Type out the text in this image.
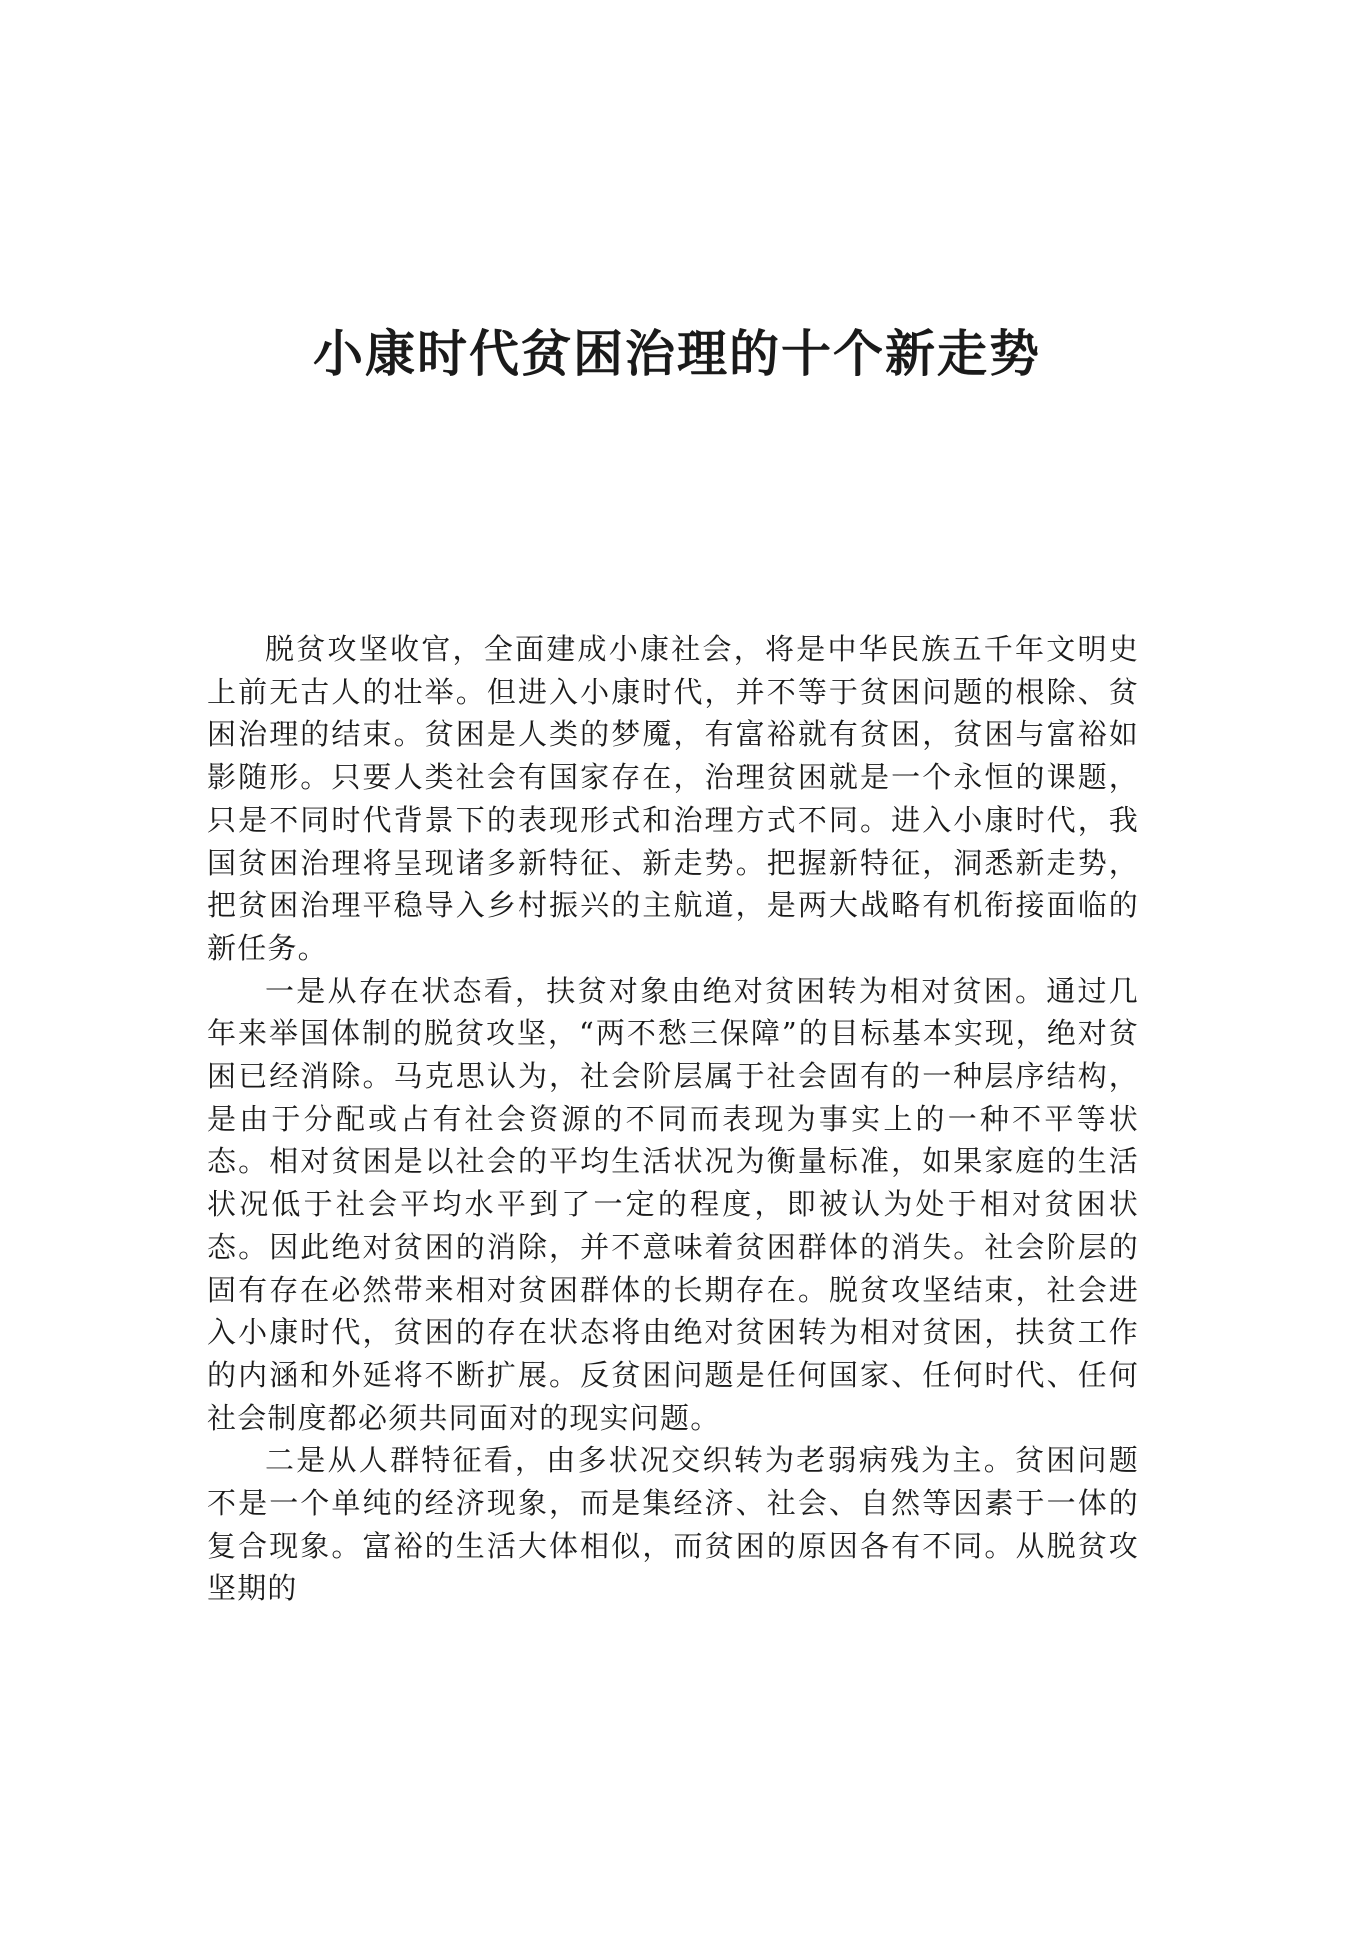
小康时代贫困治理的十个新走势

脱贫攻坚收官，全面建成小康社会，将是中华民族五千年文明史上前无古人的壮举。但进入小康时代，并不等于贫困问题的根除、贫困治理的结束。贫困是人类的梦魇，有富裕就有贫困，贫困与富裕如影随形。只要人类社会有国家存在，治理贫困就是一个永恒的课题，只是不同时代背景下的表现形式和治理方式不同。进入小康时代，我国贫困治理将呈现诸多新特征、新走势。把握新特征，洞悉新走势，把贫困治理平稳导入乡村振兴的主航道，是两大战略有机衔接面临的新任务。

一是从存在状态看，扶贫对象由绝对贫困转为相对贫困。通过几年来举国体制的脱贫攻坚，“两不愁三保障”的目标基本实现，绝对贫困已经消除。马克思认为，社会阶层属于社会固有的一种层序结构，是由于分配或占有社会资源的不同而表现为事实上的一种不平等状态。相对贫困是以社会的平均生活状况为衡量标准，如果家庭的生活状况低于社会平均水平到了一定的程度，即被认为处于相对贫困状态。因此绝对贫困的消除，并不意味着贫困群体的消失。社会阶层的固有存在必然带来相对贫困群体的长期存在。脱贫攻坚结束，社会进入小康时代，贫困的存在状态将由绝对贫困转为相对贫困，扶贫工作的内涵和外延将不断扩展。反贫困问题是任何国家、任何时代、任何社会制度都必须共同面对的现实问题。

二是从人群特征看，由多状况交织转为老弱病残为主。贫困问题不是一个单纯的经济现象，而是集经济、社会、自然等因素于一体的复合现象。富裕的生活大体相似，而贫困的原因各有不同。从脱贫攻坚期的
